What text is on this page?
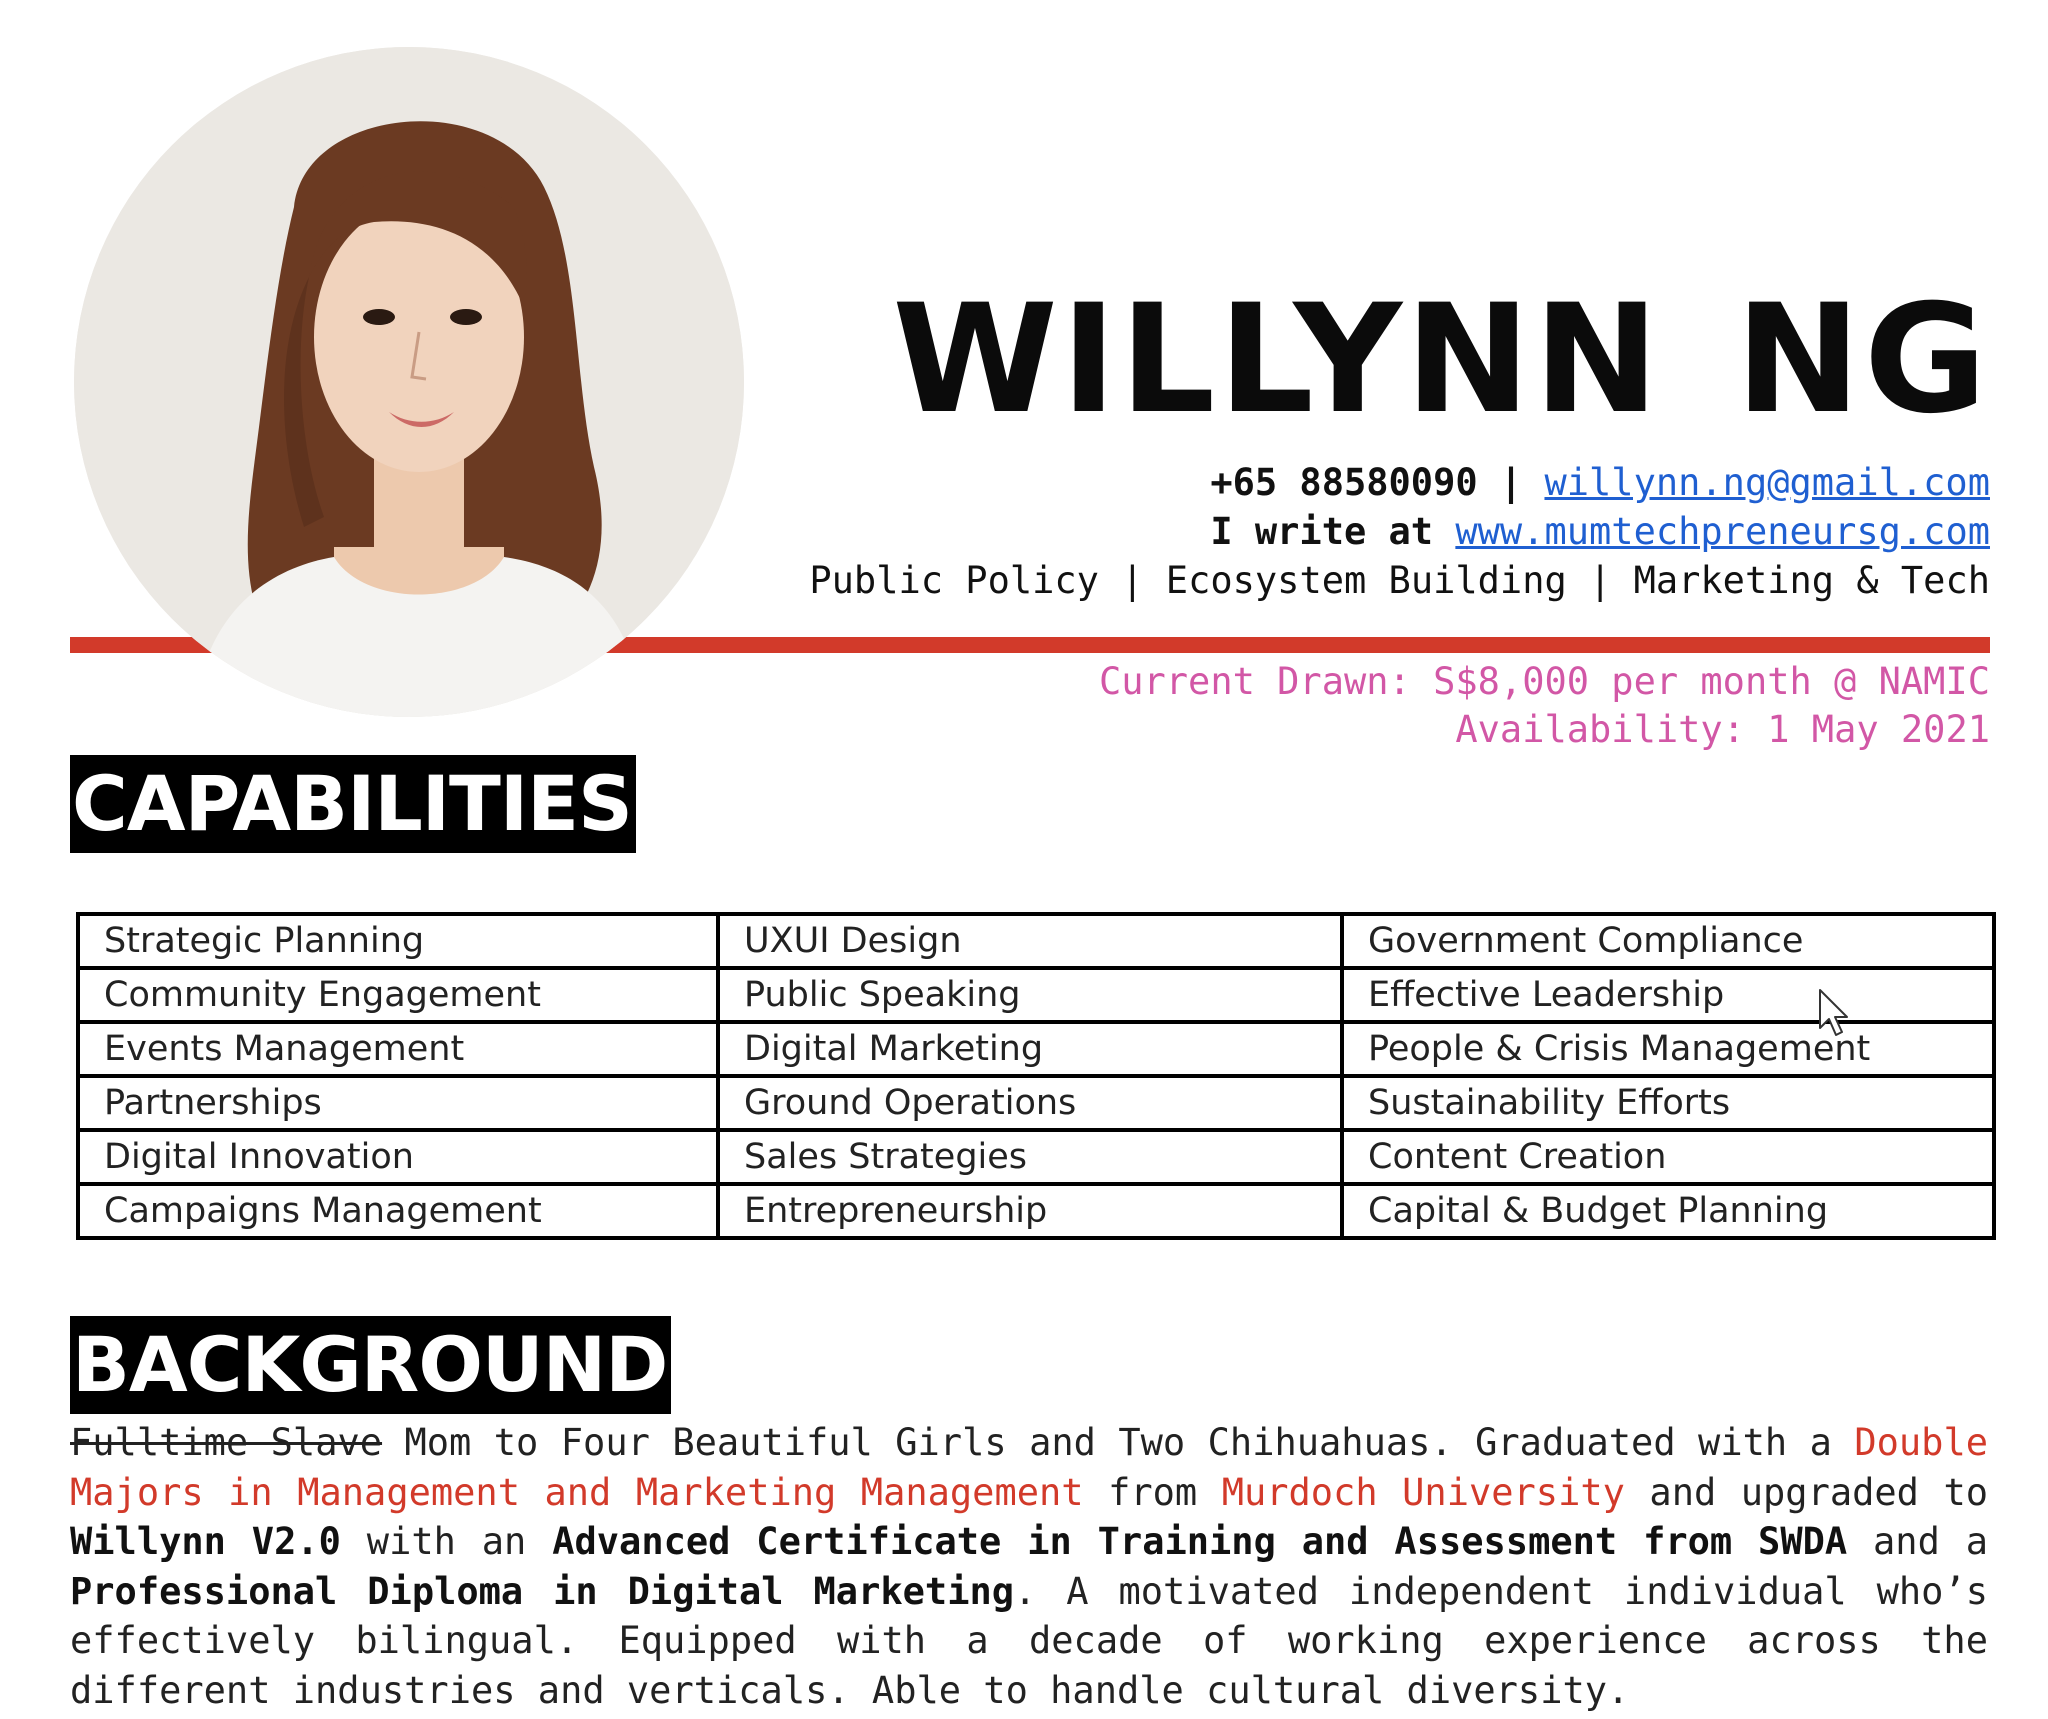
WILLYNN NG
+65 88580090 | willynn.ng@gmail.com
I write at www.mumtechpreneursg.com
Public Policy | Ecosystem Building | Marketing & Tech
Current Drawn: S$8,000 per month @ NAMIC
Availability: 1 May 2021
CAPABILITIES
Strategic Planning	UXUI Design	Government Compliance
Community Engagement	Public Speaking	Effective Leadership
Events Management	Digital Marketing	People & Crisis Management
Partnerships	Ground Operations	Sustainability Efforts
Digital Innovation	Sales Strategies	Content Creation
Campaigns Management	Entrepreneurship	Capital & Budget Planning
BACKGROUND

Fulltime Slave Mom to Four Beautiful Girls and Two Chihuahuas. Graduated with a Double Majors in Management and Marketing Management from Murdoch University and upgraded to Willynn V2.0 with an Advanced Certificate in Training and Assessment from SWDA and a Professional Diploma in Digital Marketing. A motivated independent individual who’s effectively bilingual. Equipped with a decade of working experience across the different industries and verticals. Able to handle cultural diversity.
